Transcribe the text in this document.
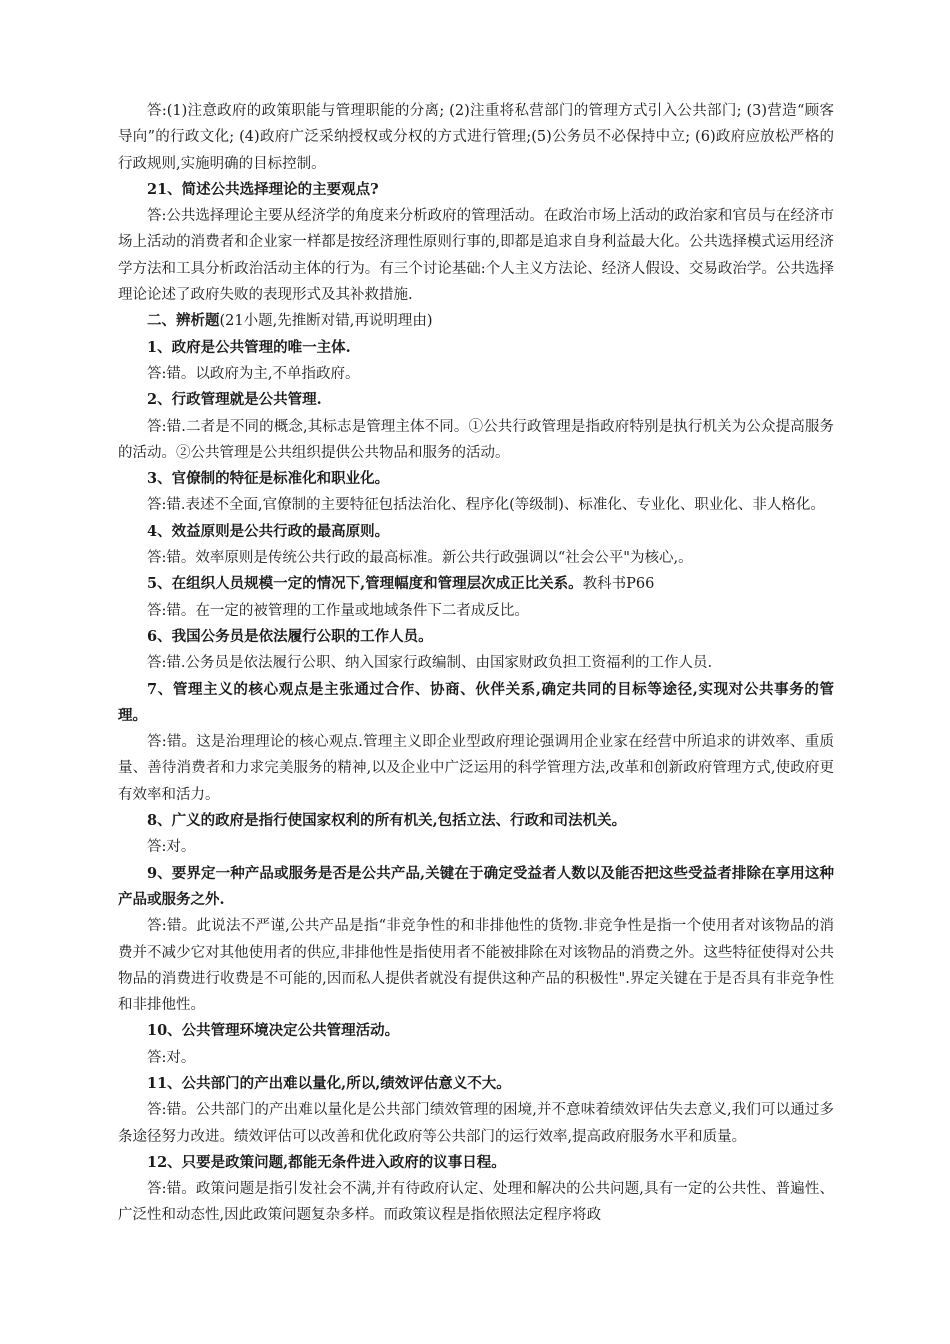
答:(1)注意政府的政策职能与管理职能的分离; (2)注重将私营部门的管理方式引入公共部门; (3)营造“顾客导向”的行政文化; (4)政府广泛采纳授权或分权的方式进行管理;(5)公务员不必保持中立; (6)政府应放松严格的行政规则,实施明确的目标控制。

21、简述公共选择理论的主要观点?

答:公共选择理论主要从经济学的角度来分析政府的管理活动。在政治市场上活动的政治家和官员与在经济市场上活动的消费者和企业家一样都是按经济理性原则行事的,即都是追求自身利益最大化。公共选择模式运用经济学方法和工具分析政治活动主体的行为。有三个讨论基础:个人主义方法论、经济人假设、交易政治学。公共选择理论论述了政府失败的表现形式及其补救措施.

二、辨析题(21小题,先推断对错,再说明理由)

1、政府是公共管理的唯一主体.

答:错。以政府为主,不单指政府。

2、行政管理就是公共管理.

答:错.二者是不同的概念,其标志是管理主体不同。①公共行政管理是指政府特别是执行机关为公众提高服务的活动。②公共管理是公共组织提供公共物品和服务的活动。

3、官僚制的特征是标准化和职业化。

答:错.表述不全面,官僚制的主要特征包括法治化、程序化(等级制)、标准化、专业化、职业化、非人格化。

4、效益原则是公共行政的最高原则。

答:错。效率原则是传统公共行政的最高标准。新公共行政强调以“社会公平"为核心,。

5、在组织人员规模一定的情况下,管理幅度和管理层次成正比关系。教科书P66

答:错。在一定的被管理的工作量或地域条件下二者成反比。

6、我国公务员是依法履行公职的工作人员。

答:错.公务员是依法履行公职、纳入国家行政编制、由国家财政负担工资福利的工作人员.

7、管理主义的核心观点是主张通过合作、协商、伙伴关系,确定共同的目标等途径,实现对公共事务的管理。

答:错。这是治理理论的核心观点.管理主义即企业型政府理论强调用企业家在经营中所追求的讲效率、重质量、善待消费者和力求完美服务的精神,以及企业中广泛运用的科学管理方法,改革和创新政府管理方式,使政府更有效率和活力。

8、广义的政府是指行使国家权利的所有机关,包括立法、行政和司法机关。

答:对。

9、要界定一种产品或服务是否是公共产品,关键在于确定受益者人数以及能否把这些受益者排除在享用这种产品或服务之外.

答:错。此说法不严谨,公共产品是指“非竞争性的和非排他性的货物.非竞争性是指一个使用者对该物品的消费并不减少它对其他使用者的供应,非排他性是指使用者不能被排除在对该物品的消费之外。这些特征使得对公共物品的消费进行收费是不可能的,因而私人提供者就没有提供这种产品的积极性".界定关键在于是否具有非竞争性和非排他性。

10、公共管理环境决定公共管理活动。

答:对。

11、公共部门的产出难以量化,所以,绩效评估意义不大。

答:错。公共部门的产出难以量化是公共部门绩效管理的困境,并不意味着绩效评估失去意义,我们可以通过多条途径努力改进。绩效评估可以改善和优化政府等公共部门的运行效率,提高政府服务水平和质量。

12、只要是政策问题,都能无条件进入政府的议事日程。

答:错。政策问题是指引发社会不满,并有待政府认定、处理和解决的公共问题,具有一定的公共性、普遍性、广泛性和动态性,因此政策问题复杂多样。而政策议程是指依照法定程序将政
